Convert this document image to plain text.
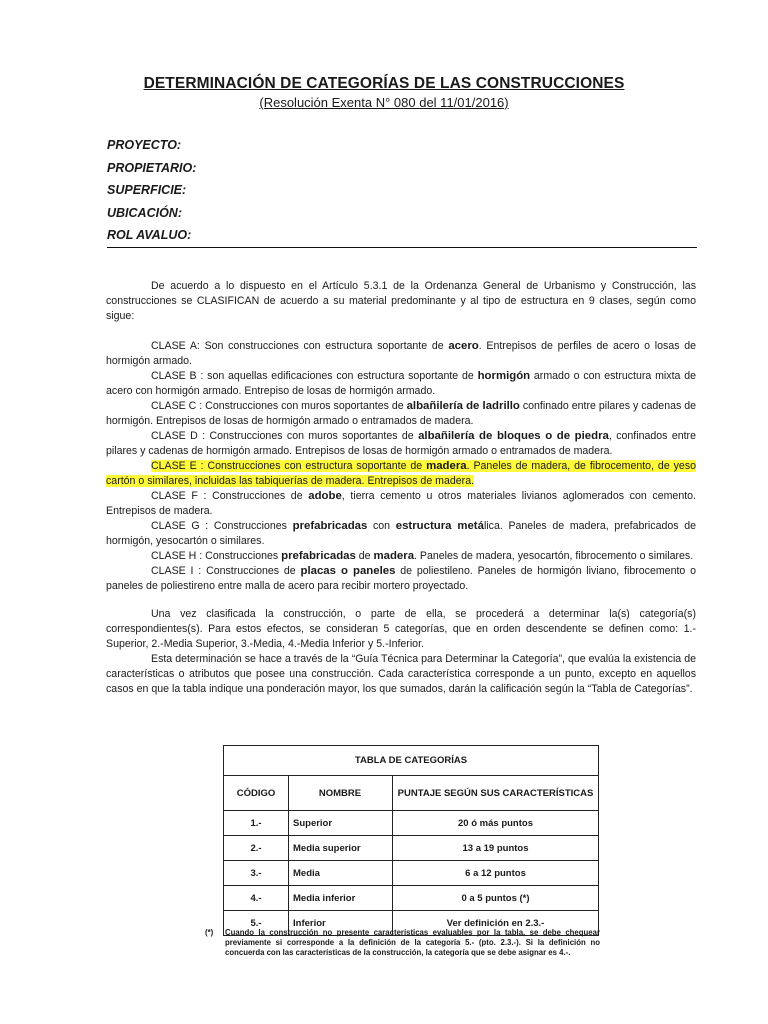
DETERMINACIÓN DE CATEGORÍAS DE LAS CONSTRUCCIONES
(Resolución Exenta N° 080 del 11/01/2016)
PROYECTO:
PROPIETARIO:
SUPERFICIE:
UBICACIÓN:
ROL AVALUO:

De acuerdo a lo dispuesto en el Artículo 5.3.1 de la Ordenanza General de Urbanismo y Construcción, las construcciones se CLASIFICAN de acuerdo a su material predominante y al tipo de estructura en 9 clases, según como sigue:

CLASE A: Son construcciones con estructura soportante de acero. Entrepisos de perfiles de acero o losas de hormigón armado.

CLASE B : son aquellas edificaciones con estructura soportante de hormigón armado o con estructura mixta de acero con hormigón armado. Entrepiso de losas de hormigón armado.

CLASE C : Construcciones con muros soportantes de albañilería de ladrillo confinado entre pilares y cadenas de hormigón. Entrepisos de losas de hormigón armado o entramados de madera.

CLASE D : Construcciones con muros soportantes de albañilería de bloques o de piedra, confinados entre pilares y cadenas de hormigón armado. Entrepisos de losas de hormigón armado o entramados de madera.

CLASE E : Construcciones con estructura soportante de madera. Paneles de madera, de fibrocemento, de yeso cartón o similares, incluidas las tabiquerías de madera. Entrepisos de madera.

CLASE F : Construcciones de adobe, tierra cemento u otros materiales livianos aglomerados con cemento. Entrepisos de madera.

CLASE G : Construcciones prefabricadas con estructura metálica. Paneles de madera, prefabricados de hormigón, yesocartón o similares.

CLASE H : Construcciones prefabricadas de madera. Paneles de madera, yesocartón, fibrocemento o similares.

CLASE I : Construcciones de placas o paneles de poliestileno. Paneles de hormigón liviano, fibrocemento o paneles de poliestireno entre malla de acero para recibir mortero proyectado.

Una vez clasificada la construcción, o parte de ella, se procederá a determinar la(s) categoría(s) correspondientes(s). Para estos efectos, se consideran 5 categorías, que en orden descendente se definen como: 1.-Superior, 2.-Media Superior, 3.-Media, 4.-Media Inferior y 5.-Inferior.

Esta determinación se hace a través de la “Guía Técnica para Determinar la Categoría”, que evalúa la existencia de características o atributos que posee una construcción. Cada característica corresponde a un punto, excepto en aquellos casos en que la tabla indique una ponderación mayor, los que sumados, darán la calificación según la “Tabla de Categorías”.

TABLA DE CATEGORÍAS		
CÓDIGO	NOMBRE	PUNTAJE SEGÚN SUS CARACTERÍSTICAS
1.-	Superior	20 ó más puntos
2.-	Media superior	13 a 19 puntos
3.-	Media	6 a 12 puntos
4.-	Media inferior	0 a 5 puntos (*)
5.-	Inferior	Ver definición en 2.3.-
(*) Cuando la construcción no presente características evaluables por la tabla, se debe chequear previamente si corresponde a la definición de la categoría 5.- (pto. 2.3.-). Si la definición no concuerda con las características de la construcción, la categoría que se debe asignar es 4.-.
